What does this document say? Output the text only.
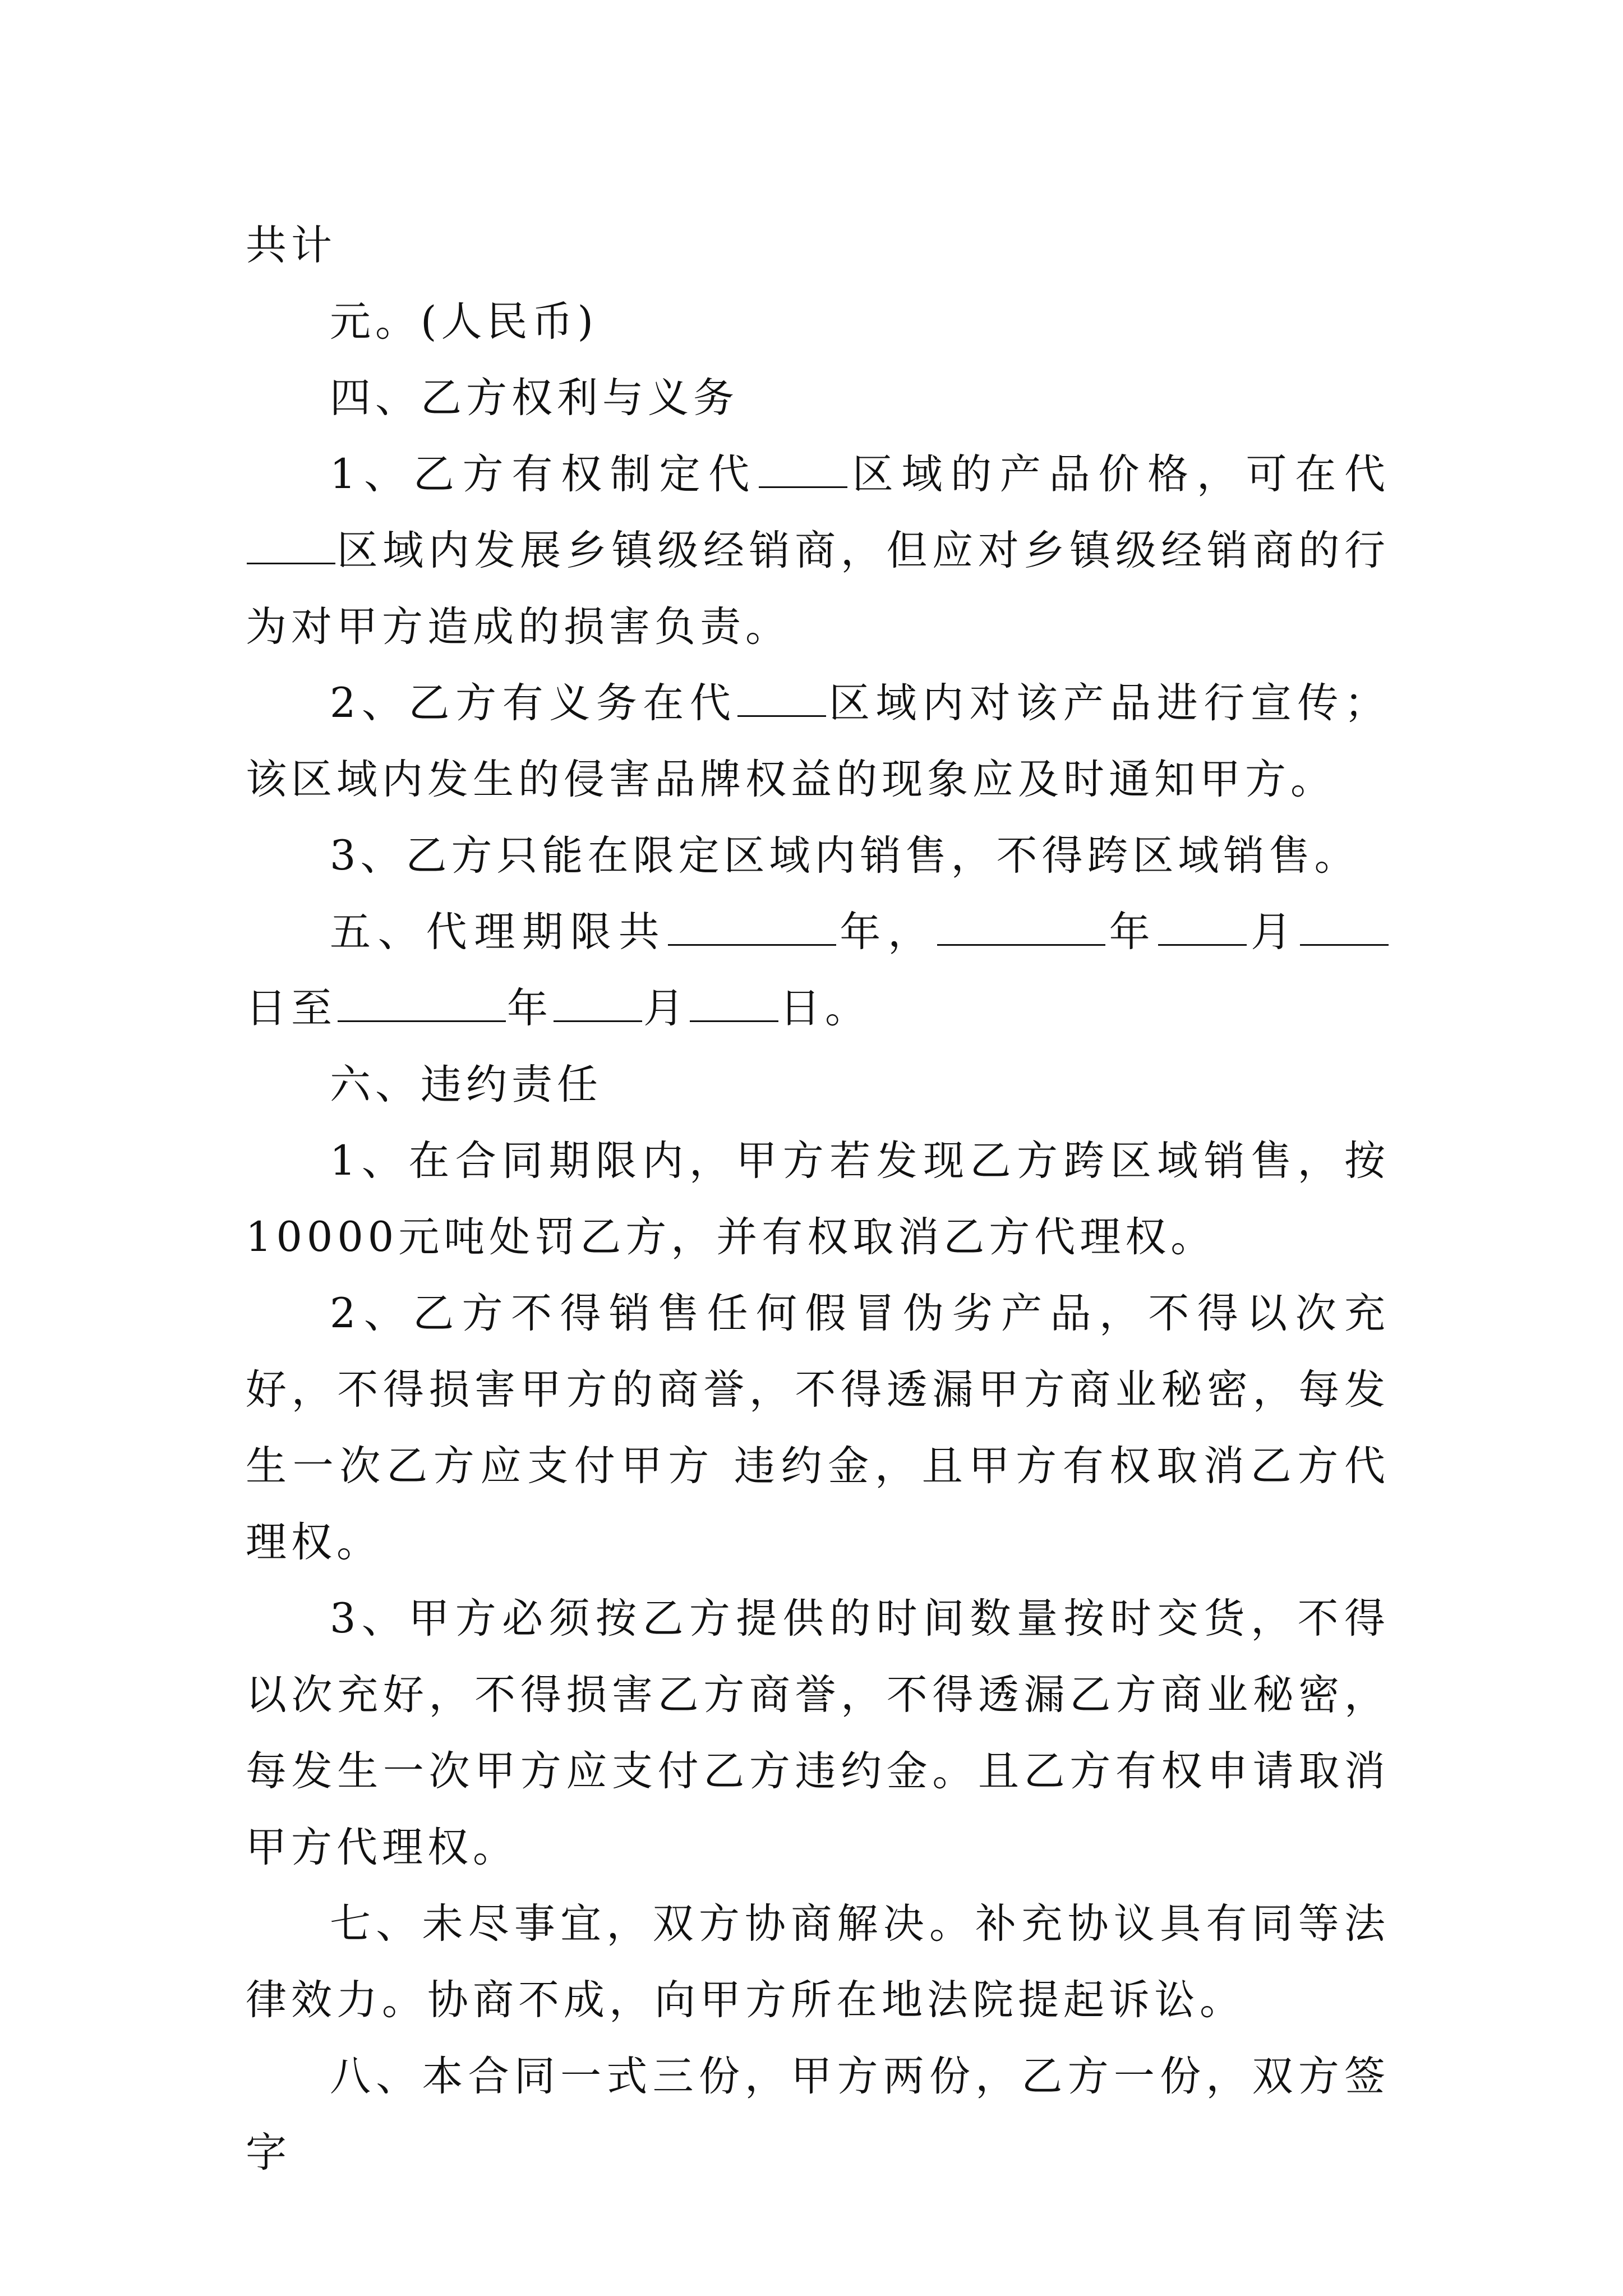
共计

元。(人民币)

四、乙方权利与义务

1、乙方有权制定代 区域的产品价格，可在代区域内发展乡镇级经销商，但应对乡镇级经销商的行为对甲方造成的损害负责。

2、乙方有义务在代 区域内对该产品进行宣传；该区域内发生的侵害品牌权益的现象应及时通知甲方。

3、乙方只能在限定区域内销售，不得跨区域销售。

五、代理期限共	年，	年 月日至	年 月 日。

六、违约责任

1、在合同期限内，甲方若发现乙方跨区域销售，按10000元吨处罚乙方，并有权取消乙方代理权。

2、乙方不得销售任何假冒伪劣产品，不得以次充好，不得损害甲方的商誉，不得透漏甲方商业秘密，每发生一次乙方应支付甲方 违约金，且甲方有权取消乙方代理权。

3、甲方必须按乙方提供的时间数量按时交货，不得以次充好，不得损害乙方商誉，不得透漏乙方商业秘密，每发生一次甲方应支付乙方违约金。且乙方有权申请取消甲方代理权。

七、未尽事宜，双方协商解决。补充协议具有同等法律效力。协商不成，向甲方所在地法院提起诉讼。

八、本合同一式三份，甲方两份，乙方一份，双方签字
